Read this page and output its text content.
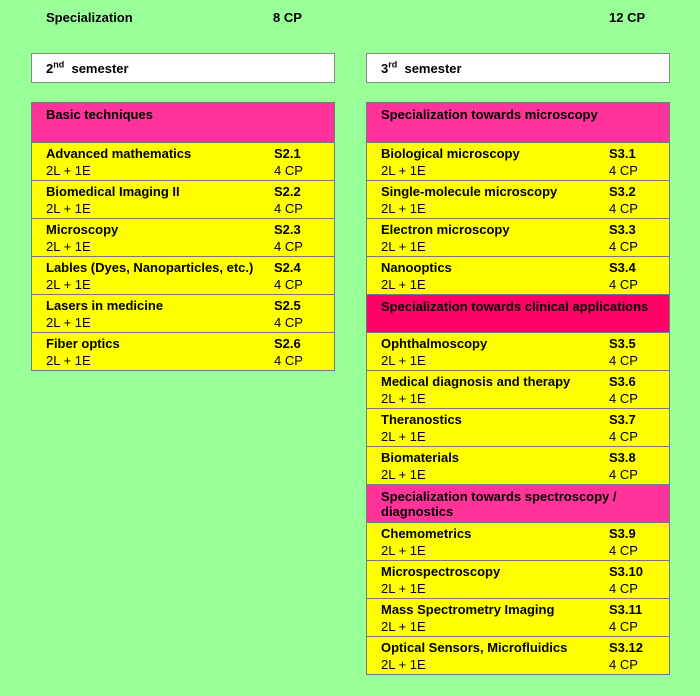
Specialization	8 CP	12 CP
2nd semester	3rd semester
Basic techniques
Advanced mathematics	S2.1
2L + 1E	4 CP
Biomedical Imaging II	S2.2
2L + 1E	4 CP
Microscopy	S2.3
2L + 1E	4 CP
Lables (Dyes, Nanoparticles, etc.) S2.4
2L + 1E	4 CP
Lasers in medicine	S2.5
2L + 1E	4 CP
Fiber optics	S2.6
2L + 1E	4 CP
Specialization towards microscopy
Biological microscopy	S3.1
2L + 1E	4 CP
Single-molecule microscopy	S3.2
2L + 1E	4 CP
Electron microscopy	S3.3
2L + 1E	4 CP
Nanooptics	S3.4
2L + 1E	4 CP
Specialization towards clinical applications
Ophthalmoscopy	S3.5
2L + 1E	4 CP
Medical diagnosis and therapy	S3.6
2L + 1E	4 CP
Theranostics	S3.7
2L + 1E	4 CP
Biomaterials	S3.8
2L + 1E	4 CP
Specialization towards spectroscopy / diagnostics
Chemometrics	S3.9
2L + 1E	4 CP
Microspectroscopy	S3.10
2L + 1E	4 CP
Mass Spectrometry Imaging	S3.11
2L + 1E	4 CP
Optical Sensors, Microfluidics	S3.12
2L + 1E	4 CP
